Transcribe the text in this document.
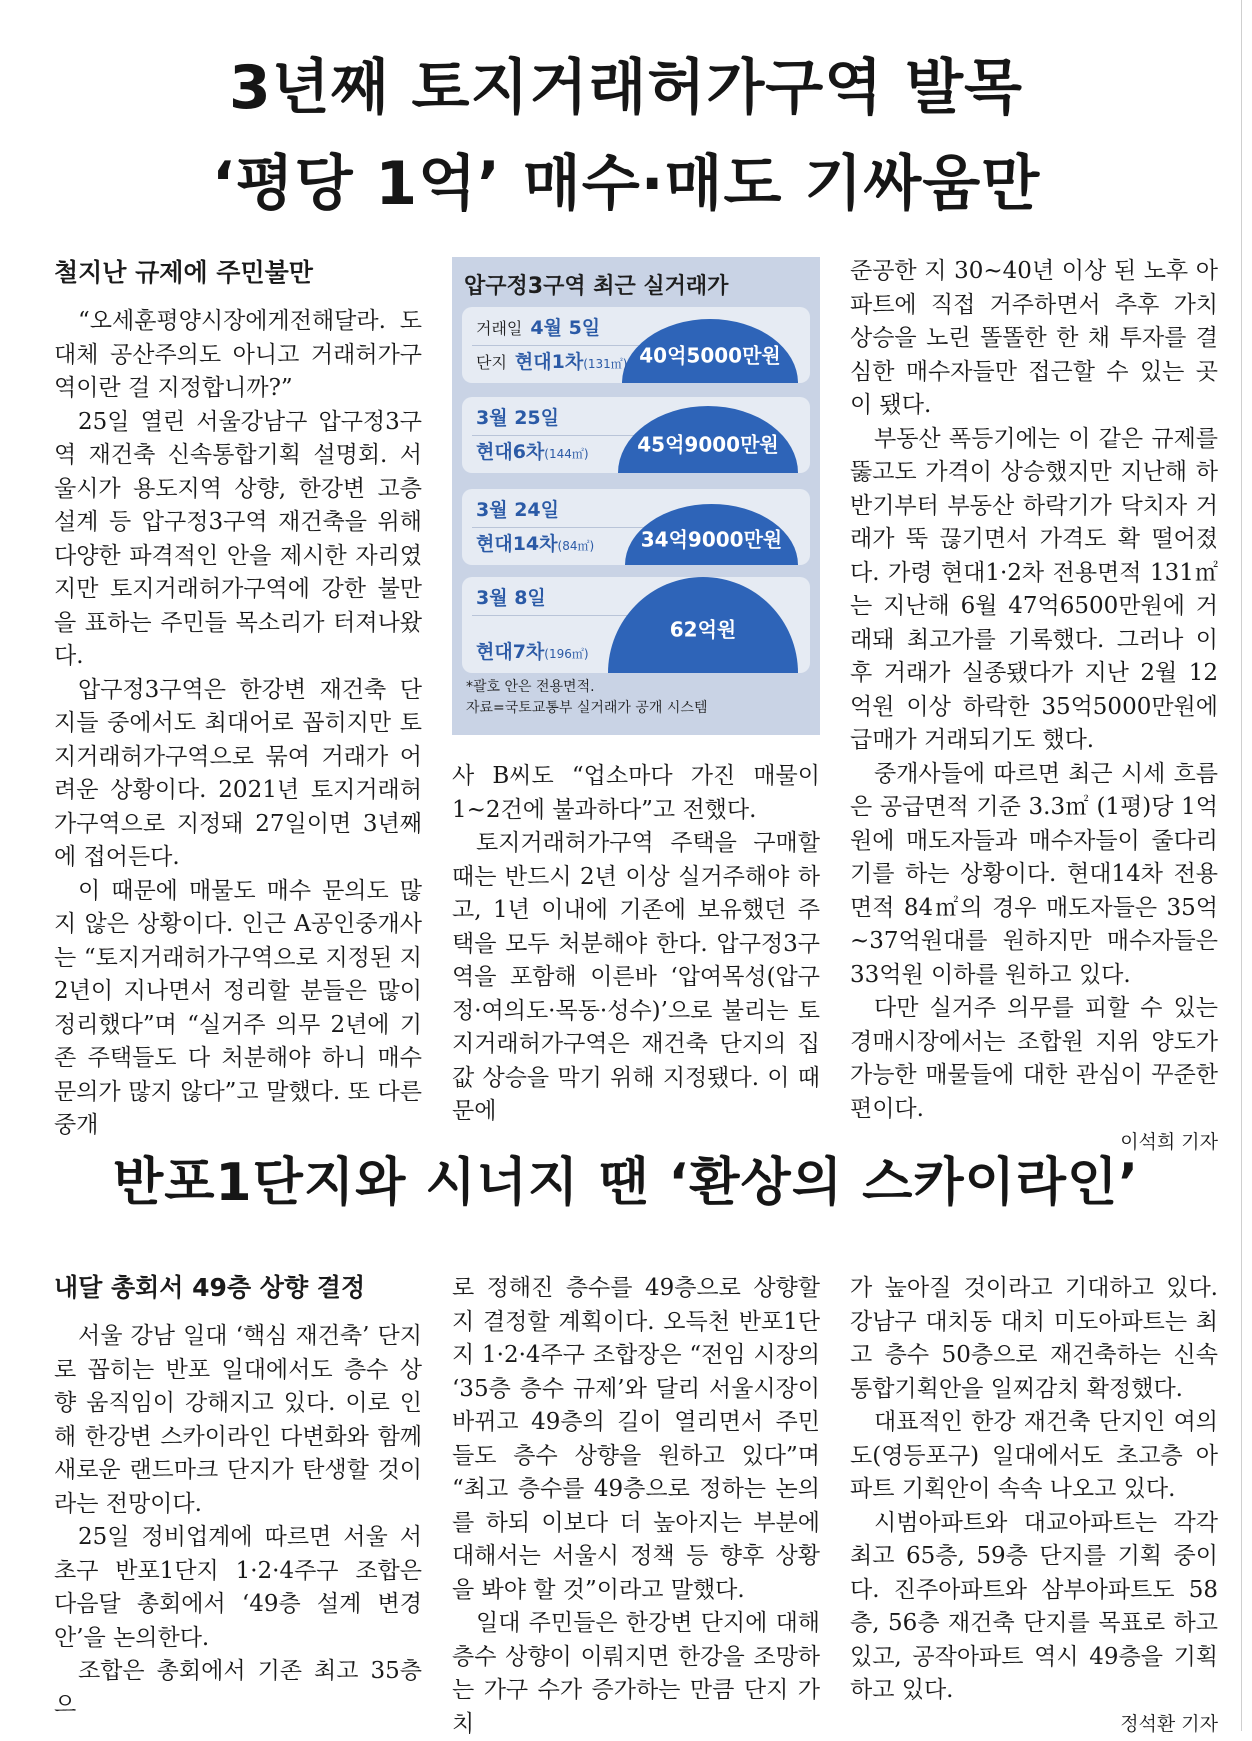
3년째 토지거래허가구역 발목
‘평당 1억’ 매수·매도 기싸움만
철지난 규제에 주민불만

“오세훈평양시장에게전해달라. 도대체 공산주의도 아니고 거래허가구역이란 걸 지정합니까?”

25일 열린 서울강남구 압구정3구역 재건축 신속통합기획 설명회. 서울시가 용도지역 상향, 한강변 고층 설계 등 압구정3구역 재건축을 위해 다양한 파격적인 안을 제시한 자리였지만 토지거래허가구역에 강한 불만을 표하는 주민들 목소리가 터져나왔다.

압구정3구역은 한강변 재건축 단지들 중에서도 최대어로 꼽히지만 토지거래허가구역으로 묶여 거래가 어려운 상황이다. 2021년 토지거래허가구역으로 지정돼 27일이면 3년째에 접어든다.

이 때문에 매물도 매수 문의도 많지 않은 상황이다. 인근 A공인중개사는 “토지거래허가구역으로 지정된 지 2년이 지나면서 정리할 분들은 많이 정리했다”며 “실거주 의무 2년에 기존 주택들도 다 처분해야 하니 매수 문의가 많지 않다”고 말했다. 또 다른 중개

압구정3구역 최근 실거래가
40억5000만원
거래일 4월 5일
단지 현대1차(131㎡)
45억9000만원
3월 25일
현대6차(144㎡)
34억9000만원
3월 24일
현대14차(84㎡)
62억원
3월 8일
현대7차(196㎡)
*괄호 안은 전용면적.
자료=국토교통부 실거래가 공개 시스템

사 B씨도 “업소마다 가진 매물이 1~2건에 불과하다”고 전했다.

토지거래허가구역 주택을 구매할 때는 반드시 2년 이상 실거주해야 하고, 1년 이내에 기존에 보유했던 주택을 모두 처분해야 한다. 압구정3구역을 포함해 이른바 ‘압여목성(압구정·여의도·목동·성수)’으로 불리는 토지거래허가구역은 재건축 단지의 집값 상승을 막기 위해 지정됐다. 이 때문에

준공한 지 30~40년 이상 된 노후 아파트에 직접 거주하면서 추후 가치 상승을 노린 똘똘한 한 채 투자를 결심한 매수자들만 접근할 수 있는 곳이 됐다.

부동산 폭등기에는 이 같은 규제를 뚫고도 가격이 상승했지만 지난해 하반기부터 부동산 하락기가 닥치자 거래가 뚝 끊기면서 가격도 확 떨어졌다. 가령 현대1·2차 전용면적 131㎡는 지난해 6월 47억6500만원에 거래돼 최고가를 기록했다. 그러나 이후 거래가 실종됐다가 지난 2월 12억원 이상 하락한 35억5000만원에 급매가 거래되기도 했다.

중개사들에 따르면 최근 시세 흐름은 공급면적 기준 3.3㎡ (1평)당 1억원에 매도자들과 매수자들이 줄다리기를 하는 상황이다. 현대14차 전용면적 84㎡의 경우 매도자들은 35억~37억원대를 원하지만 매수자들은 33억원 이하를 원하고 있다.

다만 실거주 의무를 피할 수 있는 경매시장에서는 조합원 지위 양도가 가능한 매물들에 대한 관심이 꾸준한 편이다.

이석희 기자

반포1단지와 시너지 땐 ‘환상의 스카이라인’
내달 총회서 49층 상향 결정

서울 강남 일대 ‘핵심 재건축’ 단지로 꼽히는 반포 일대에서도 층수 상향 움직임이 강해지고 있다. 이로 인해 한강변 스카이라인 다변화와 함께 새로운 랜드마크 단지가 탄생할 것이라는 전망이다.

25일 정비업계에 따르면 서울 서초구 반포1단지 1·2·4주구 조합은 다음달 총회에서 ‘49층 설계 변경안’을 논의한다.

조합은 총회에서 기존 최고 35층으

로 정해진 층수를 49층으로 상향할지 결정할 계획이다. 오득천 반포1단지 1·2·4주구 조합장은 “전임 시장의 ‘35층 층수 규제’와 달리 서울시장이 바뀌고 49층의 길이 열리면서 주민들도 층수 상향을 원하고 있다”며 “최고 층수를 49층으로 정하는 논의를 하되 이보다 더 높아지는 부분에 대해서는 서울시 정책 등 향후 상황을 봐야 할 것”이라고 말했다.

일대 주민들은 한강변 단지에 대해 층수 상향이 이뤄지면 한강을 조망하는 가구 수가 증가하는 만큼 단지 가치

가 높아질 것이라고 기대하고 있다. 강남구 대치동 대치 미도아파트는 최고 층수 50층으로 재건축하는 신속통합기획안을 일찌감치 확정했다.

대표적인 한강 재건축 단지인 여의도(영등포구) 일대에서도 초고층 아파트 기획안이 속속 나오고 있다.

시범아파트와 대교아파트는 각각 최고 65층, 59층 단지를 기획 중이다. 진주아파트와 삼부아파트도 58층, 56층 재건축 단지를 목표로 하고 있고, 공작아파트 역시 49층을 기획하고 있다.

정석환 기자
